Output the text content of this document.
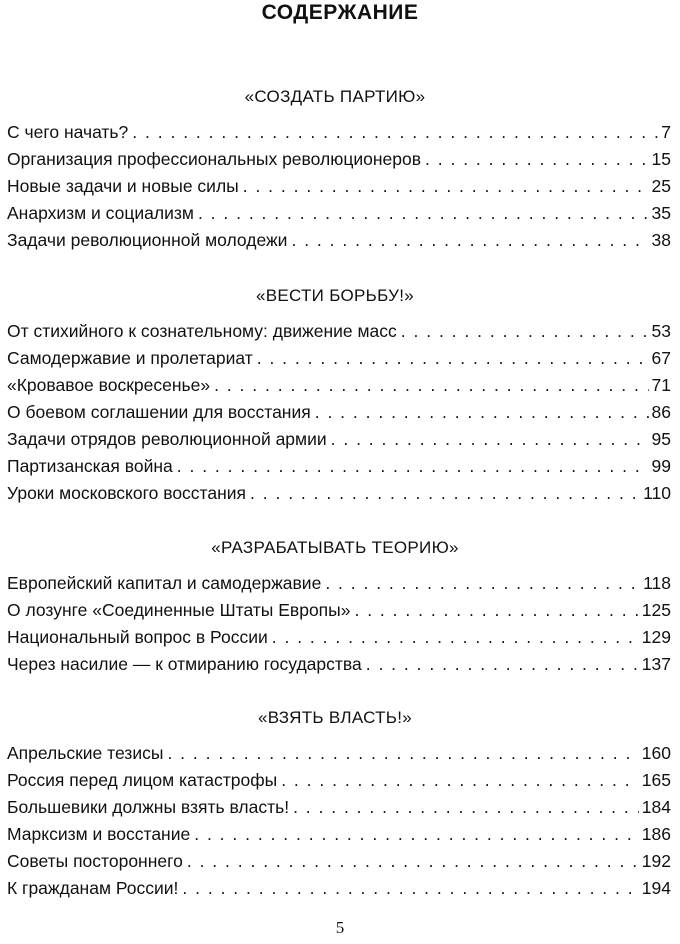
СОДЕРЖАНИЕ
«СОЗДАТЬ ПАРТИЮ»
С чего начать? . . .	7
Организация профессиональных революционеров . . .	15
Новые задачи и новые силы . . .	25
Анархизм и социализм . . .	35
Задачи революционной молодежи . . .	38
«ВЕСТИ БОРЬБУ!»
От стихийного к сознательному: движение масс . . .	53
Самодержавие и пролетариат . . .	67
«Кровавое воскресенье» . . .	71
О боевом соглашении для восстания . . .	86
Задачи отрядов революционной армии . . .	95
Партизанская война . . .	99
Уроки московского восстания . . .	110
«РАЗРАБАТЫВАТЬ ТЕОРИЮ»
Европейский капитал и самодержавие . . .	118
О лозунге «Соединенные Штаты Европы» . . .	125
Национальный вопрос в России . . .	129
Через насилие — к отмиранию государства . . .	137
«ВЗЯТЬ ВЛАСТЬ!»
Апрельские тезисы . . .	160
Россия перед лицом катастрофы . . .	165
Большевики должны взять власть! . . .	184
Марксизм и восстание . . .	186
Советы постороннего . . .	192
К гражданам России! . . .	194
5
